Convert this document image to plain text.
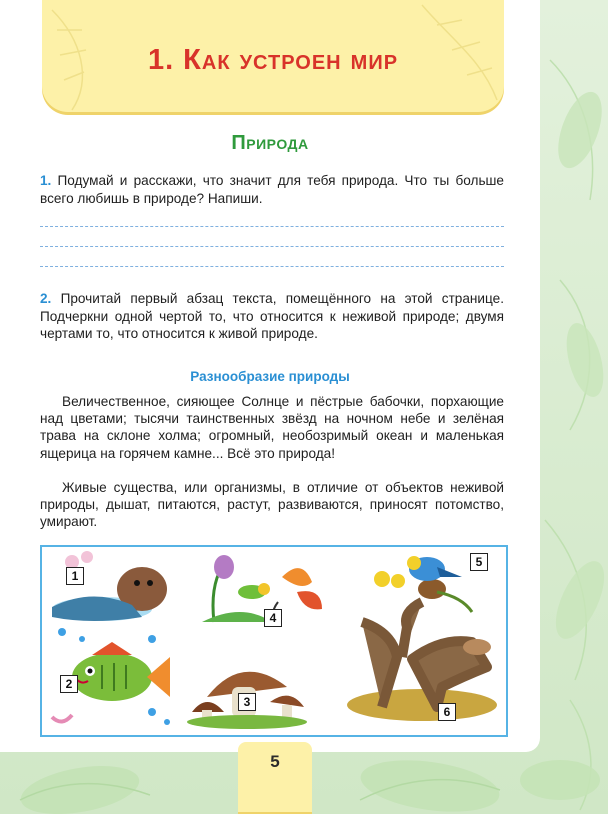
1. Как устроен мир
Природа
1. Подумай и расскажи, что значит для тебя природа. Что ты больше всего любишь в природе? Напиши.
2. Прочитай первый абзац текста, помещённого на этой странице. Подчеркни одной чертой то, что относится к неживой природе; двумя чертами то, что относится к живой природе.
Разнообразие природы
Величественное, сияющее Солнце и пёстрые бабочки, порхающие над цветами; тысячи таинственных звёзд на ночном небе и зелёная трава на склоне холма; огромный, необозримый океан и маленькая ящерица на горячем камне... Всё это природа!
Живые существа, или организмы, в отличие от объектов неживой природы, дышат, питаются, растут, развиваются, приносят потомство, умирают.
1
2
3
4
5
6
5
